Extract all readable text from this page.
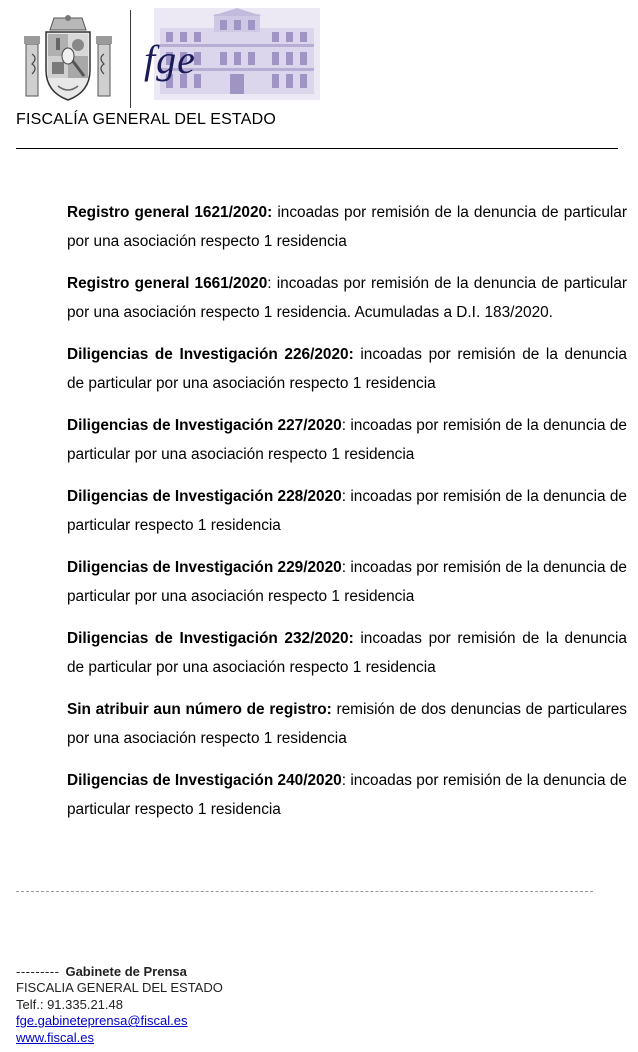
fge
FISCALÍA GENERAL DEL ESTADO

Registro general 1621/2020: incoadas por remisión de la denuncia de particular por una asociación respecto 1 residencia

Registro general 1661/2020: incoadas por remisión de la denuncia de particular por una asociación respecto 1 residencia. Acumuladas a D.I. 183/2020.

Diligencias de Investigación 226/2020: incoadas por remisión de la denuncia de particular por una asociación respecto 1 residencia

Diligencias de Investigación 227/2020: incoadas por remisión de la denuncia de particular por una asociación respecto 1 residencia

Diligencias de Investigación 228/2020: incoadas por remisión de la denuncia de particular respecto 1 residencia

Diligencias de Investigación 229/2020: incoadas por remisión de la denuncia de particular por una asociación respecto 1 residencia

Diligencias de Investigación 232/2020: incoadas por remisión de la denuncia de particular por una asociación respecto 1 residencia

Sin atribuir aun número de registro: remisión de dos denuncias de particulares por una asociación respecto 1 residencia

Diligencias de Investigación 240/2020: incoadas por remisión de la denuncia de particular respecto 1 residencia

--------- Gabinete de Prensa
FISCALIA GENERAL DEL ESTADO
Telf.: 91.335.21.48
fge.gabineteprensa@fiscal.es
www.fiscal.es
